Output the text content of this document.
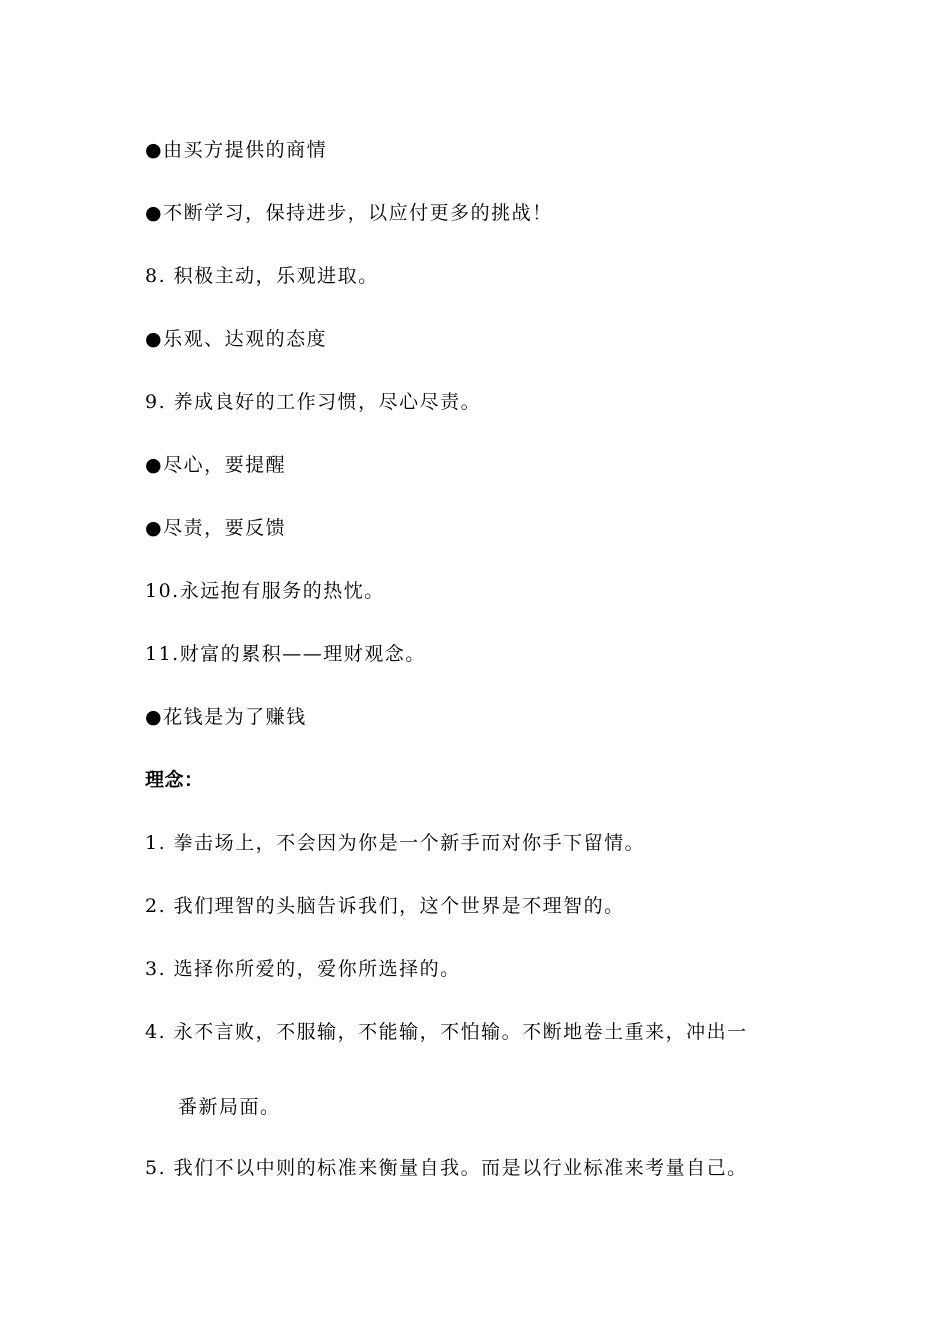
●由买方提供的商情
●不断学习，保持进步，以应付更多的挑战！
8. 积极主动，乐观进取。
●乐观、达观的态度
9. 养成良好的工作习惯，尽心尽责。
●尽心，要提醒
●尽责，要反馈
10.永远抱有服务的热忱。
11.财富的累积——理财观念。
●花钱是为了赚钱
理念：
1. 拳击场上，不会因为你是一个新手而对你手下留情。
2. 我们理智的头脑告诉我们，这个世界是不理智的。
3. 选择你所爱的，爱你所选择的。
4. 永不言败，不服输，不能输，不怕输。不断地卷土重来，冲出一
番新局面。
5. 我们不以中则的标准来衡量自我。而是以行业标准来考量自己。
